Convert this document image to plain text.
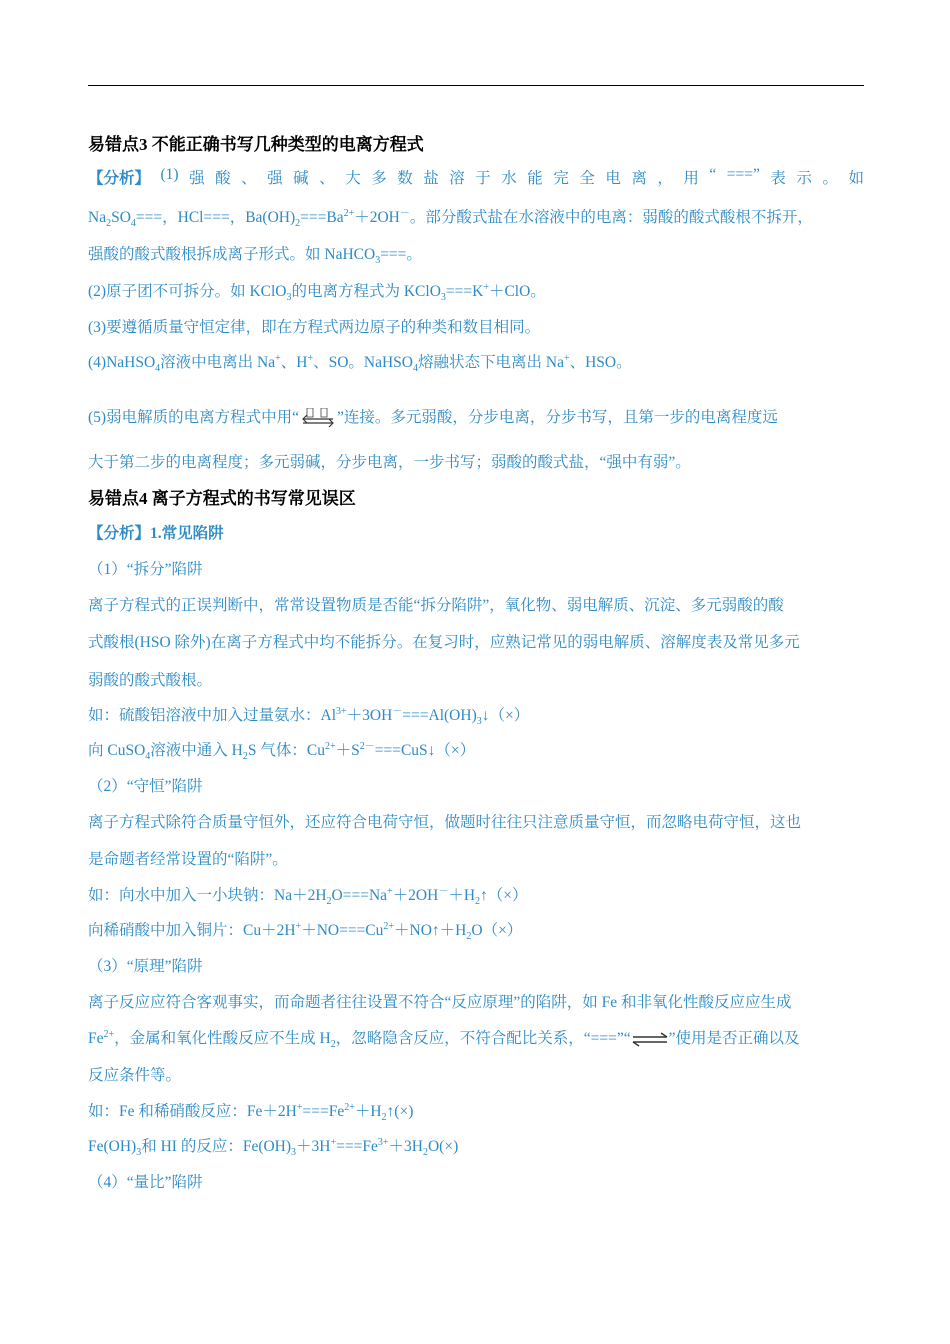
易错点3 不能正确书写几种类型的电离方程式
【分析】 (1) 强 酸 、 强 碱 、 大 多 数 盐 溶 于 水 能 完 全 电 离 ， 用 “ ===” 表 示 。 如
$Na_2SO_4===$，HCl===，$Ba(OH)_2===Ba^{2+}+2OH^-$。部分酸式盐在水溶液中的电离：弱酸的酸式酸根不拆开，
强酸的酸式酸根拆成离子形式。如 NaHCO$_3$===。
(2)原子团不可拆分。如 KClO$_3$的电离方程式为 KClO$_3$===K+＋ClO。
(3)要遵循质量守恒定律，即在方程式两边原子的种类和数目相同。
(4)NaHSO$_4$溶液中电离出 Na+、H+、SO。NaHSO$_4$熔融状态下电离出 Na+、HSO。
(5)弱电解质的电离方程式中用“⇌”连接。多元弱酸，分步电离，分步书写，且第一步的电离程度远
大于第二步的电离程度；多元弱碱，分步电离，一步书写；弱酸的酸式盐，“强中有弱”。
易错点4 离子方程式的书写常见误区
【分析】1.常见陷阱
（1）“拆分”陷阱
离子方程式的正误判断中，常常设置物质是否能“拆分陷阱”，氧化物、弱电解质、沉淀、多元弱酸的酸
式酸根(HSO 除外)在离子方程式中均不能拆分。在复习时，应熟记常见的弱电解质、溶解度表及常见多元
弱酸的酸式酸根。
如：硫酸铝溶液中加入过量氨水：$Al^{3+}+3OH^-===Al(OH)_3↓(\times)$
向 CuSO$_4$溶液中通入 $H_2S$ 气体：$Cu^{2+}+S^{2-}===CuS↓(\times)$
（2）“守恒”陷阱
离子方程式除符合质量守恒外，还应符合电荷守恒，做题时往往只注意质量守恒，而忽略电荷守恒，这也
是命题者经常设置的“陷阱”。
如：向水中加入一小块钠：$Na+2H_2O===Na^++2OH^-+H_2↑(\times)$
向稀硝酸中加入铜片：$Cu+2H^++NO===Cu^{2+}+NO↑+H_2O(\times)$
（3）“原理”陷阱
离子反应应符合客观事实，而命题者往往设置不符合“反应原理”的陷阱，如 Fe 和非氧化性酸反应应生成
$Fe^{2+}$，金属和氧化性酸反应不生成 $H_2$，忽略隐含反应，不符合配比关系，“===”“⇌”使用是否正确以及
反应条件等。
如：Fe 和稀硝酸反应：$Fe+2H^+===Fe^{2+}+H_2↑(\times)$
$Fe(OH)_3$和 HI 的反应：$Fe(OH)_3+3H^+===Fe^{3+}+3H_2O(\times)$
（4）“量比”陷阱
